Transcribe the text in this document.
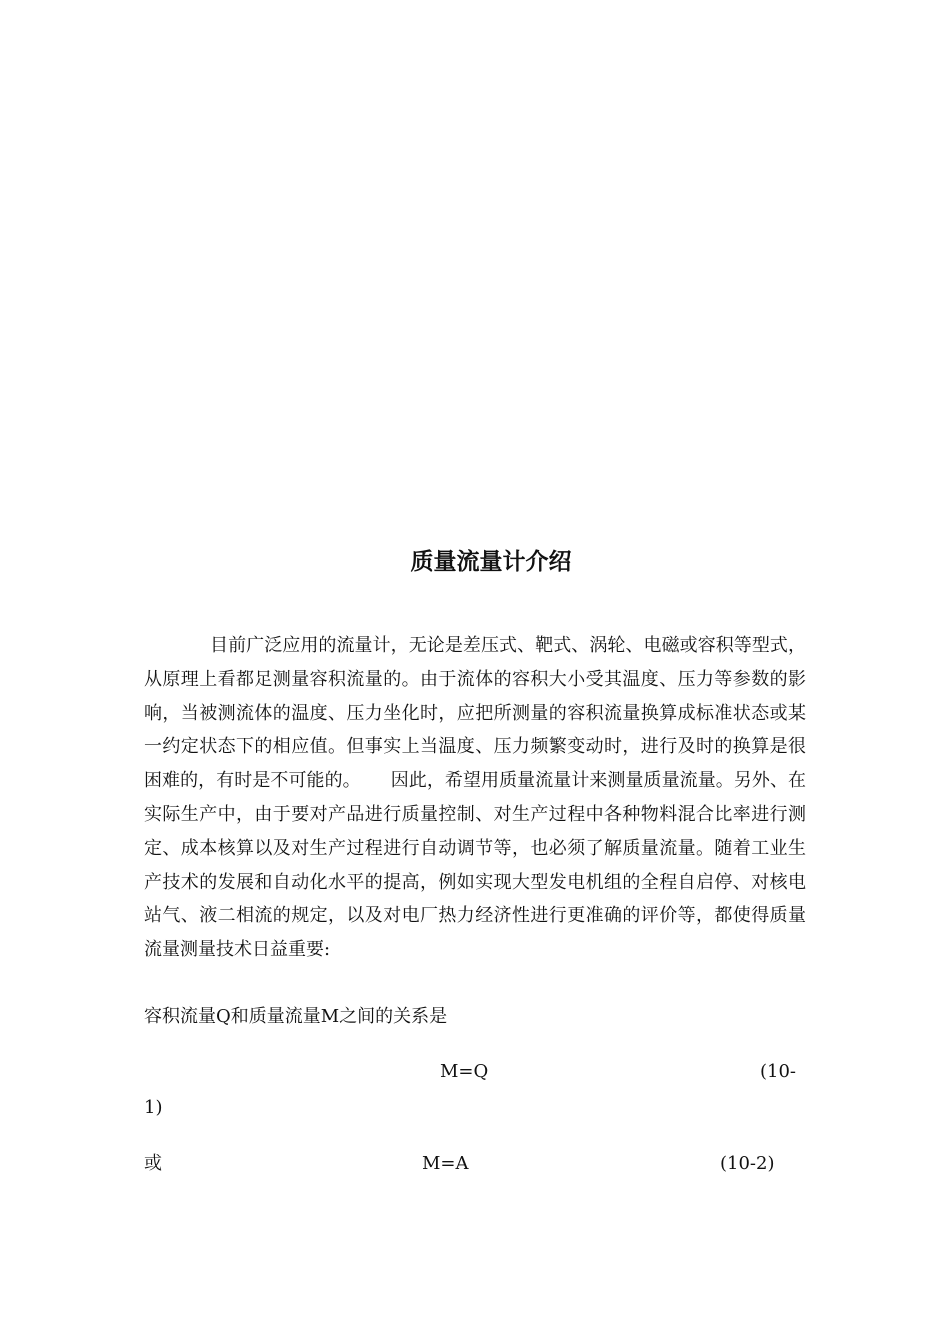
质量流量计介绍

目前广泛应用的流量计，无论是差压式、靶式、涡轮、电磁或容积等型式，从原理上看都足测量容积流量的。由于流体的容积大小受其温度、压力等参数的影响，当被测流体的温度、压力坐化时，应把所测量的容积流量换算成标准状态或某一约定状态下的相应值。但事实上当温度、压力频繁变动时，进行及时的换算是很困难的，有时是不可能的。 因此，希望用质量流量计来测量质量流量。另外、在实际生产中，由于要对产品进行质量控制、对生产过程中各种物料混合比率进行测定、成本核算以及对生产过程进行自动调节等，也必须了解质量流量。随着工业生产技术的发展和自动化水平的提高，例如实现大型发电机组的全程自启停、对核电站气、液二相流的规定，以及对电厂热力经济性进行更准确的评价等，都使得质量流量测量技术日益重要:

容积流量Q和质量流量M之间的关系是

M=Q	(10-
1)
或	M=A	(10-2)
